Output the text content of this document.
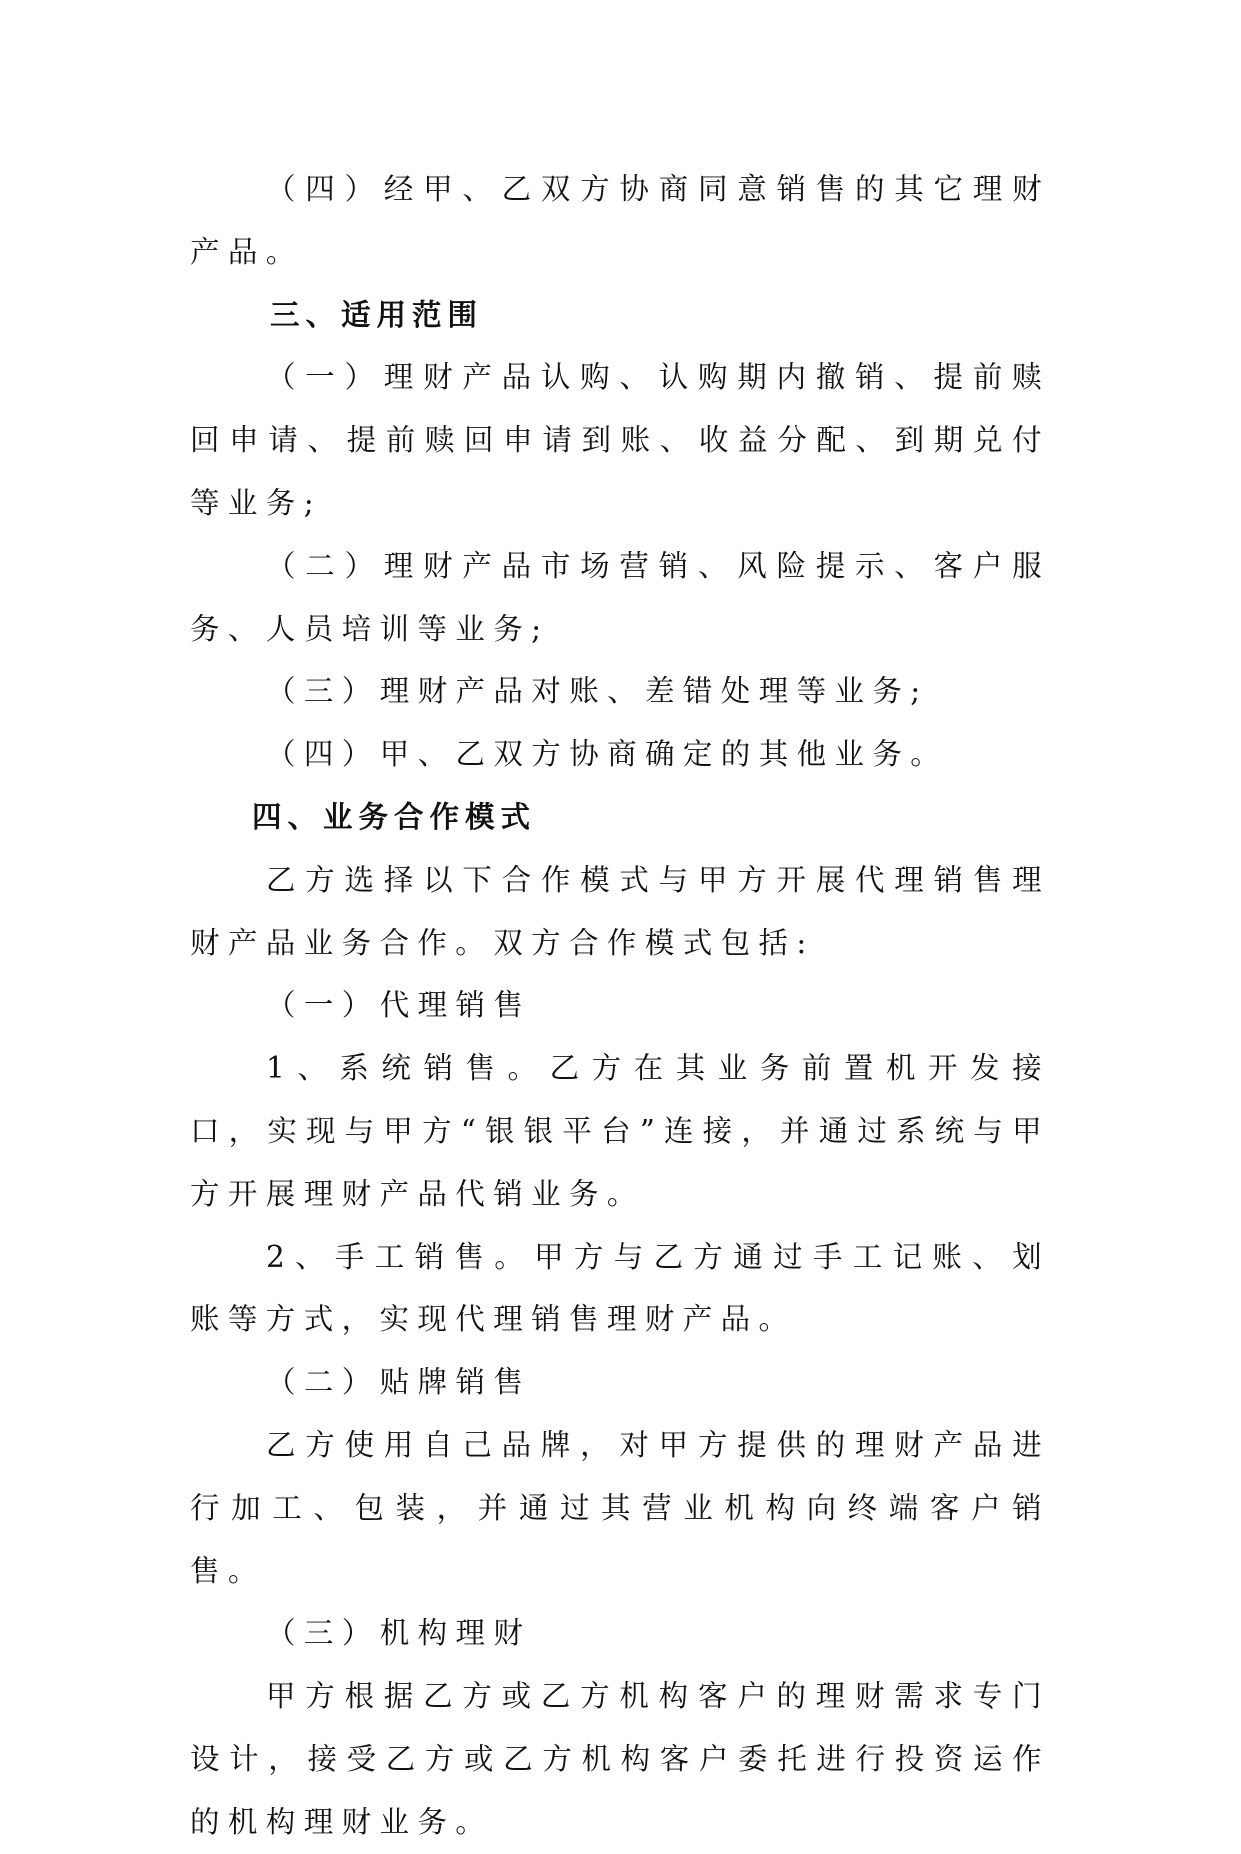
（四）经甲、乙双方协商同意销售的其它理财产品。

三、适用范围

（一）理财产品认购、认购期内撤销、提前赎回申请、提前赎回申请到账、收益分配、到期兑付等业务;

（二）理财产品市场营销、风险提示、客户服务、人员培训等业务;

（三）理财产品对账、差错处理等业务;

（四）甲、乙双方协商确定的其他业务。

四、业务合作模式

乙方选择以下合作模式与甲方开展代理销售理财产品业务合作。双方合作模式包括:

（一）代理销售

1、系统销售。乙方在其业务前置机开发接口，实现与甲方“银银平台”连接，并通过系统与甲方开展理财产品代销业务。

2、手工销售。甲方与乙方通过手工记账、划账等方式，实现代理销售理财产品。

（二）贴牌销售

乙方使用自己品牌，对甲方提供的理财产品进行加工、包装，并通过其营业机构向终端客户销售。

（三）机构理财

甲方根据乙方或乙方机构客户的理财需求专门设计，接受乙方或乙方机构客户委托进行投资运作的机构理财业务。
